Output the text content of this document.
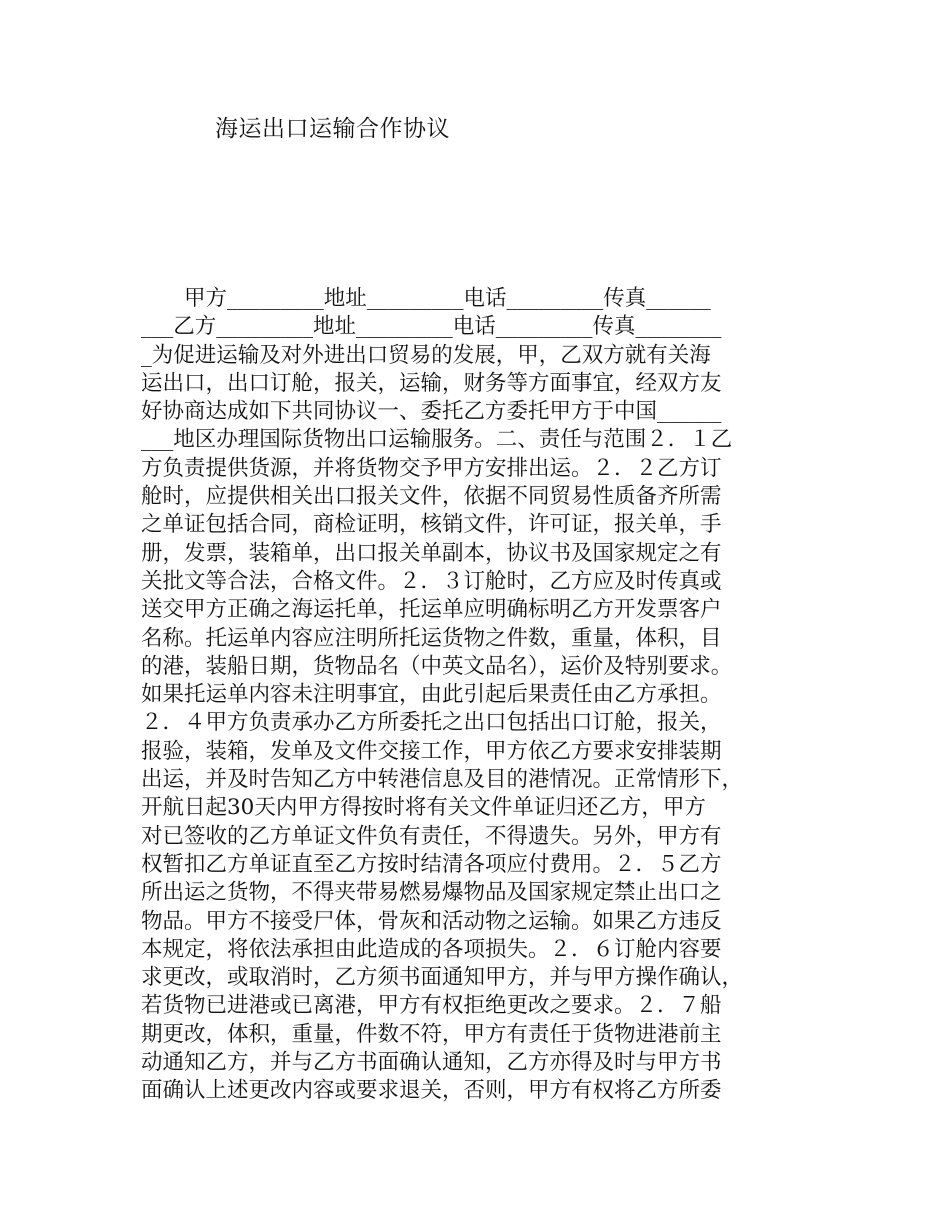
海运出口运输合作协议
　　甲方_________地址_________电话_________传真______
___乙方_________地址_________电话_________传真________
_为促进运输及对外进出口贸易的发展，甲，乙双方就有关海
运出口，出口订舱，报关，运输，财务等方面事宜，经双方友
好协商达成如下共同协议一、委托乙方委托甲方于中国______
___地区办理国际货物出口运输服务。二、责任与范围２．１乙
方负责提供货源，并将货物交予甲方安排出运。２．２乙方订
舱时，应提供相关出口报关文件，依据不同贸易性质备齐所需
之单证包括合同，商检证明，核销文件，许可证，报关单，手
册，发票，装箱单，出口报关单副本，协议书及国家规定之有
关批文等合法，合格文件。２．３订舱时，乙方应及时传真或
送交甲方正确之海运托单，托运单应明确标明乙方开发票客户
名称。托运单内容应注明所托运货物之件数，重量，体积，目
的港，装船日期，货物品名（中英文品名），运价及特别要求。
如果托运单内容未注明事宜，由此引起后果责任由乙方承担。
２．４甲方负责承办乙方所委托之出口包括出口订舱，报关，
报验，装箱，发单及文件交接工作，甲方依乙方要求安排装期
出运，并及时告知乙方中转港信息及目的港情况。正常情形下，
开航日起30天内甲方得按时将有关文件单证归还乙方，甲方
对已签收的乙方单证文件负有责任，不得遗失。另外，甲方有
权暂扣乙方单证直至乙方按时结清各项应付费用。２．５乙方
所出运之货物，不得夹带易燃易爆物品及国家规定禁止出口之
物品。甲方不接受尸体，骨灰和活动物之运输。如果乙方违反
本规定，将依法承担由此造成的各项损失。２．６订舱内容要
求更改，或取消时，乙方须书面通知甲方，并与甲方操作确认，
若货物已进港或已离港，甲方有权拒绝更改之要求。２．７船
期更改，体积，重量，件数不符，甲方有责任于货物进港前主
动通知乙方，并与乙方书面确认通知，乙方亦得及时与甲方书
面确认上述更改内容或要求退关，否则，甲方有权将乙方所委
